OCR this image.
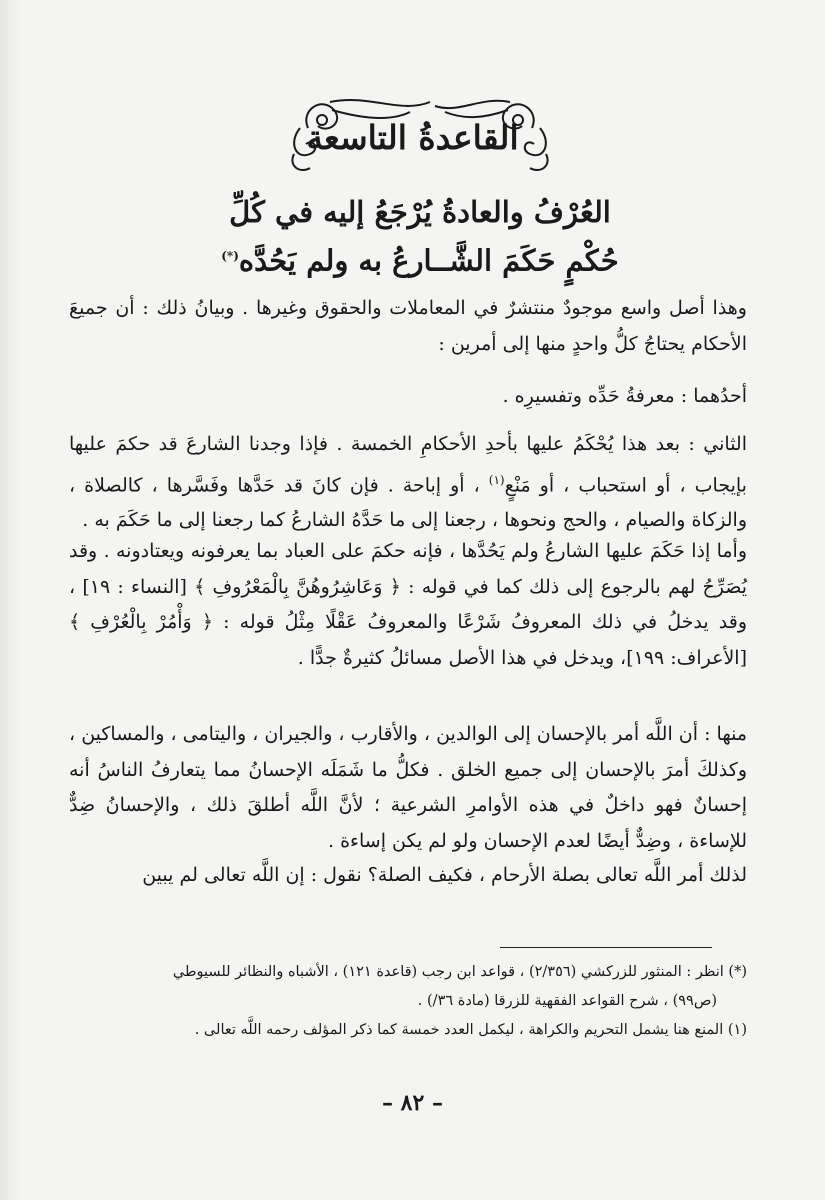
القاعدةُ التاسعة
العُرْفُ والعادةُ يُرْجَعُ إليه في كُلِّ
حُكْمٍ حَكَمَ الشَّــارعُ به ولم يَحُدَّه(*)

وهذا أصل واسع موجودٌ منتشرٌ في المعاملات والحقوق وغيرها . وبيانُ ذلك : أن جميعَ الأحكام يحتاجُ كلُّ واحدٍ منها إلى أمرين :

أحدُهما : معرفةُ حَدِّه وتفسيرِه .

الثاني : بعد هذا يُحْكَمُ عليها بأحدِ الأحكامِ الخمسة . فإذا وجدنا الشارعَ قد حكمَ عليها بإيجاب ، أو استحباب ، أو مَنْعٍ$^{(١)}$ ، أو إباحة . فإن كانَ قد حَدَّها وفَسَّرها ، كالصلاة ، والزكاة والصيام ، والحج ونحوها ، رجعنا إلى ما حَدَّهُ الشارعُ كما رجعنا إلى ما حَكَمَ به .

وأما إذا حَكَمَ عليها الشارعُ ولم يَحُدَّها ، فإنه حكمَ على العباد بما يعرفونه ويعتادونه . وقد يُصَرِّحُ لهم بالرجوع إلى ذلك كما في قوله : ﴿ وَعَاشِرُوهُنَّ بِالْمَعْرُوفِ ﴾ [النساء : ١٩] ، وقد يدخلُ في ذلك المعروفُ شَرْعًا والمعروفُ عَقْلًا مِثْلُ قوله : ﴿ وَأْمُرْ بِالْعُرْفِ ﴾ [الأعراف: ١٩٩]، ويدخل في هذا الأصل مسائلُ كثيرةٌ جدًّا .

منها : أن اللَّه أمر بالإحسان إلى الوالدين ، والأقارب ، والجيران ، واليتامى ، والمساكين ، وكذلكَ أمرَ بالإحسان إلى جميع الخلق . فكلُّ ما شَمَلَه الإحسانُ مما يتعارفُ الناسُ أنه إحسانٌ فهو داخلٌ في هذه الأوامرِ الشرعية ؛ لأنَّ اللَّه أطلقَ ذلك ، والإحسانُ ضِدٌّ للإساءة ، وضِدٌّ أيضًا لعدم الإحسان ولو لم يكن إساءة .

لذلك أمر اللَّه تعالى بصلة الأرحام ، فكيف الصلة؟ نقول : إن اللَّه تعالى لم يبين

(*) انظر : المنثور للزركشي (٢/٣٥٦) ، قواعد ابن رجب (قاعدة ١٢١) ، الأشباه والنظائر للسيوطي

(ص٩٩) ، شرح القواعد الفقهية للزرقا (مادة ٣٦/) .

(١) المنع هنا يشمل التحريم والكراهة ، ليكمل العدد خمسة كما ذكر المؤلف رحمه اللَّه تعالى .

– ٨٢ –
